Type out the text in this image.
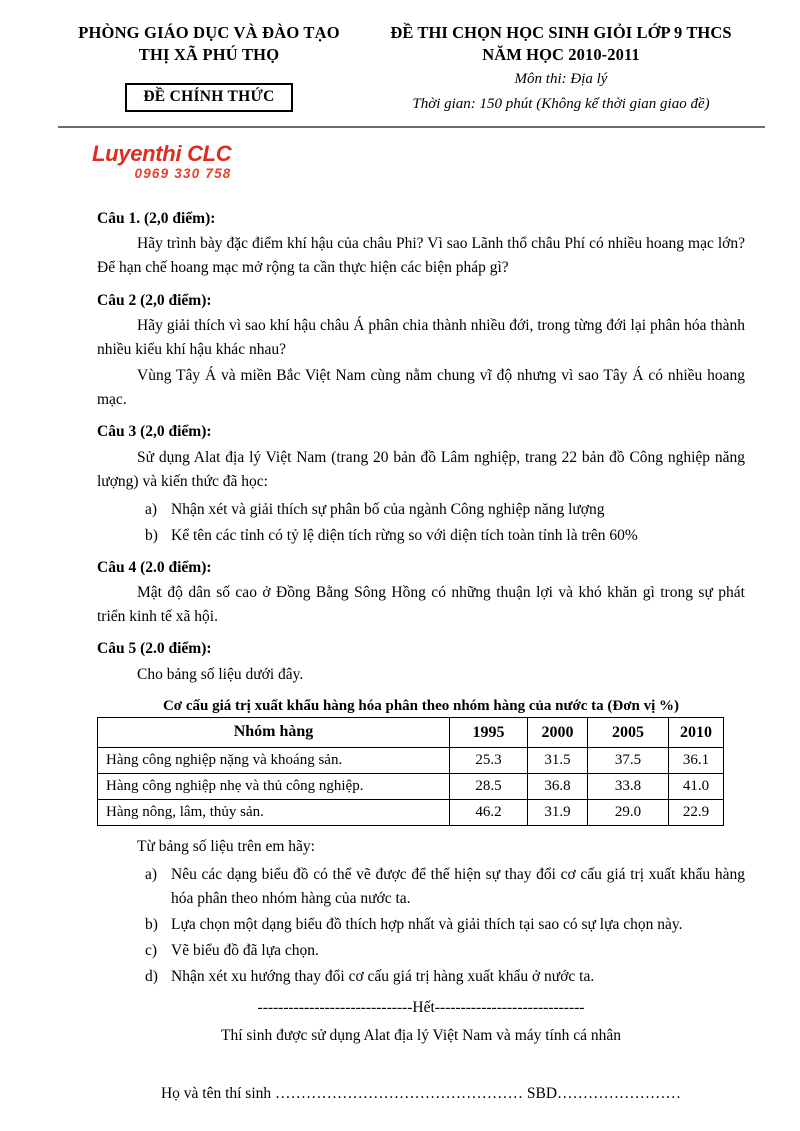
PHÒNG GIÁO DỤC VÀ ĐÀO TẠO
THỊ XÃ PHÚ THỌ
ĐỀ CHÍNH THỨC
ĐỀ THI CHỌN HỌC SINH GIỎI LỚP 9 THCS
NĂM HỌC 2010-2011
Môn thi: Địa lý
Thời gian: 150 phút (Không kể thời gian giao đề)
Luyenthi CLC
0969 330 758
Câu 1. (2,0 điểm):

Hãy trình bày đặc điểm khí hậu của châu Phi? Vì sao Lãnh thổ châu Phí có nhiều hoang mạc lớn? Để hạn chế hoang mạc mở rộng ta cần thực hiện các biện pháp gì?

Câu 2 (2,0 điểm):

Hãy giải thích vì sao khí hậu châu Á phân chia thành nhiều đới, trong từng đới lại phân hóa thành nhiều kiểu khí hậu khác nhau?

Vùng Tây Á và miền Bắc Việt Nam cùng nằm chung vĩ độ nhưng vì sao Tây Á có nhiều hoang mạc.

Câu 3 (2,0 điểm):

Sử dụng Alat địa lý Việt Nam (trang 20 bản đồ Lâm nghiệp, trang 22 bản đồ Công nghiệp năng lượng) và kiến thức đã học:

a) Nhận xét và giải thích sự phân bố của ngành Công nghiệp năng lượng
b) Kể tên các tỉnh có tỷ lệ diện tích rừng so với diện tích toàn tỉnh là trên 60%
Câu 4 (2.0 điểm):

Mật độ dân số cao ở Đồng Bằng Sông Hồng có những thuận lợi và khó khăn gì trong sự phát triển kinh tế xã hội.

Câu 5 (2.0 điểm):

Cho bảng số liệu dưới đây.

Cơ cấu giá trị xuất khẩu hàng hóa phân theo nhóm hàng của nước ta (Đơn vị %)
Nhóm hàng	1995	2000	2005	2010
Hàng công nghiệp nặng và khoáng sản.	25.3	31.5	37.5	36.1
Hàng công nghiệp nhẹ và thủ công nghiệp.	28.5	36.8	33.8	41.0
Hàng nông, lâm, thủy sản.	46.2	31.9	29.0	22.9

Từ bảng số liệu trên em hãy:

a) Nêu các dạng biểu đồ có thể vẽ được để thể hiện sự thay đổi cơ cấu giá trị xuất khẩu hàng hóa phân theo nhóm hàng của nước ta.
b) Lựa chọn một dạng biểu đồ thích hợp nhất và giải thích tại sao có sự lựa chọn này.
c) Vẽ biểu đồ đã lựa chọn.
d) Nhận xét xu hướng thay đổi cơ cấu giá trị hàng xuất khẩu ở nước ta.
------------------------------Hết-----------------------------
Thí sinh được sử dụng Alat địa lý Việt Nam và máy tính cá nhân
Họ và tên thí sinh ………………………………………… SBD……………………
